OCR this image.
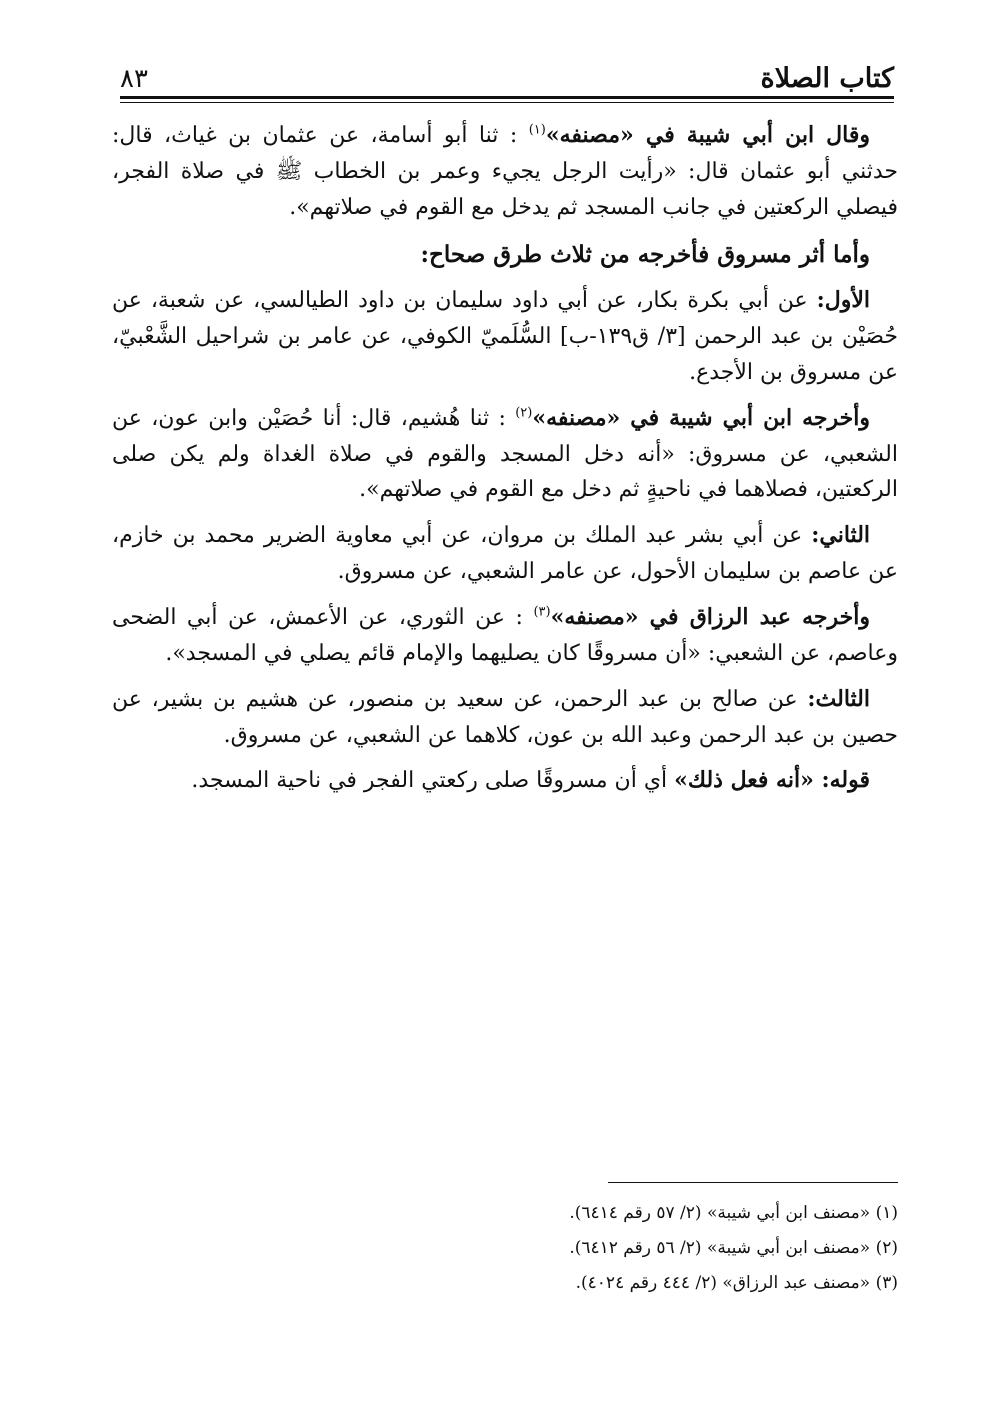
كتاب الصلاة
٨٣

وقال ابن أبي شيبة في «مصنفه»$^{(١)}$ : ثنا أبو أسامة، عن عثمان بن غياث، قال: حدثني أبو عثمان قال: «رأيت الرجل يجيء وعمر بن الخطاب ﷺ في صلاة الفجر، فيصلي الركعتين في جانب المسجد ثم يدخل مع القوم في صلاتهم».

وأما أثر مسروق فأخرجه من ثلاث طرق صحاح:

الأول: عن أبي بكرة بكار، عن أبي داود سليمان بن داود الطيالسي، عن شعبة، عن حُصَيْن بن عبد الرحمن [٣/ ق١٣٩-ب] السُّلَميّ الكوفي، عن عامر بن شراحيل الشَّعْبيّ، عن مسروق بن الأجدع.

وأخرجه ابن أبي شيبة في «مصنفه»$^{(٢)}$ : ثنا هُشيم، قال: أنا حُصَيْن وابن عون، عن الشعبي، عن مسروق: «أنه دخل المسجد والقوم في صلاة الغداة ولم يكن صلى الركعتين، فصلاهما في ناحيةٍ ثم دخل مع القوم في صلاتهم».

الثاني: عن أبي بشر عبد الملك بن مروان، عن أبي معاوية الضرير محمد بن خازم، عن عاصم بن سليمان الأحول، عن عامر الشعبي، عن مسروق.

وأخرجه عبد الرزاق في «مصنفه»$^{(٣)}$ : عن الثوري، عن الأعمش، عن أبي الضحى وعاصم، عن الشعبي: «أن مسروقًا كان يصليهما والإمام قائم يصلي في المسجد».

الثالث: عن صالح بن عبد الرحمن، عن سعيد بن منصور، عن هشيم بن بشير، عن حصين بن عبد الرحمن وعبد الله بن عون، كلاهما عن الشعبي، عن مسروق.

قوله: «أنه فعل ذلك» أي أن مسروقًا صلى ركعتي الفجر في ناحية المسجد.

(١) «مصنف ابن أبي شيبة» (٢/ ٥٧ رقم ٦٤١٤).

(٢) «مصنف ابن أبي شيبة» (٢/ ٥٦ رقم ٦٤١٢).

(٣) «مصنف عبد الرزاق» (٢/ ٤٤٤ رقم ٤٠٢٤).
